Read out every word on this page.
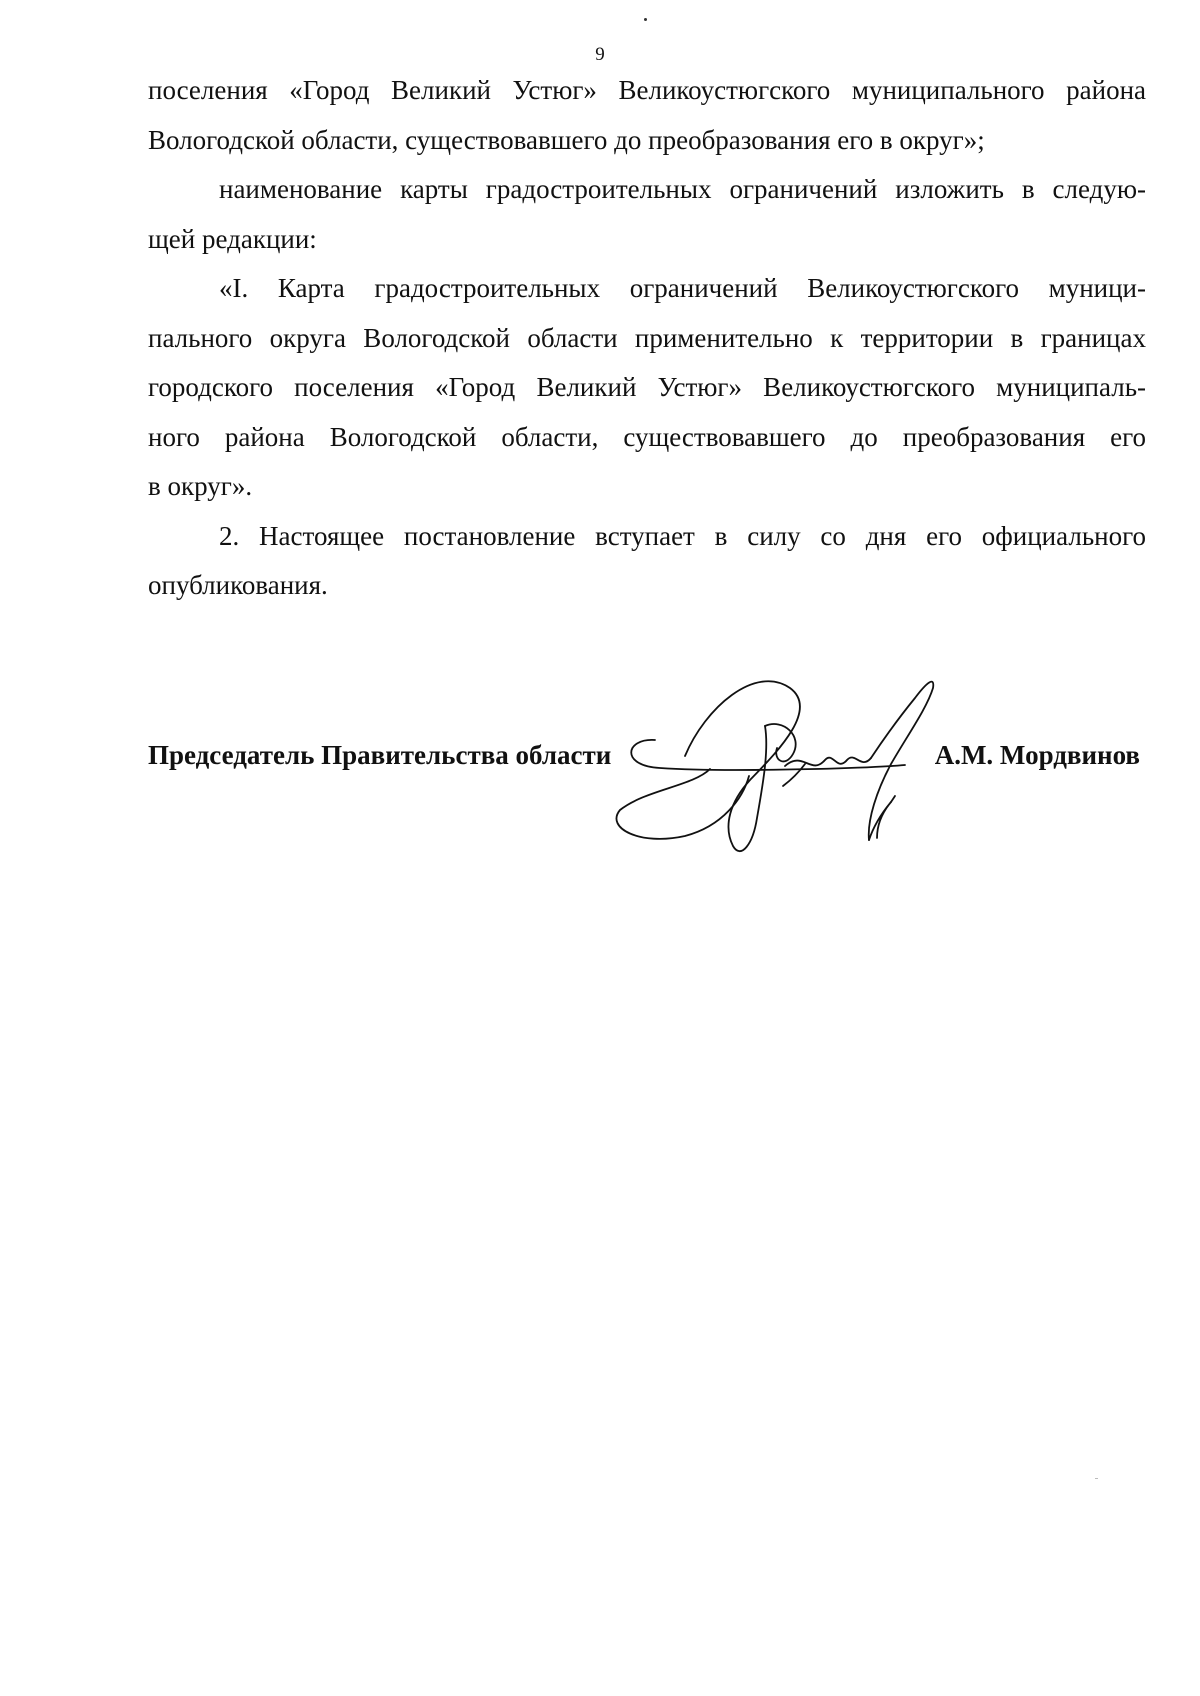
9

поселения «Город Великий Устюг» Великоустюгского муниципального района
Вологодской области, существовавшего до преобразования его в округ»;

наименование карты градостроительных ограничений изложить в следую-
щей редакции:

«I. Карта градостроительных ограничений Великоустюгского муници-
пального округа Вологодской области применительно к территории в границах
городского поселения «Город Великий Устюг» Великоустюгского муниципаль-
ного района Вологодской области, существовавшего до преобразования его
в округ».

2. Настоящее постановление вступает в силу со дня его официального
опубликования.

Председатель Правительства области	А.М. Мордвинов
